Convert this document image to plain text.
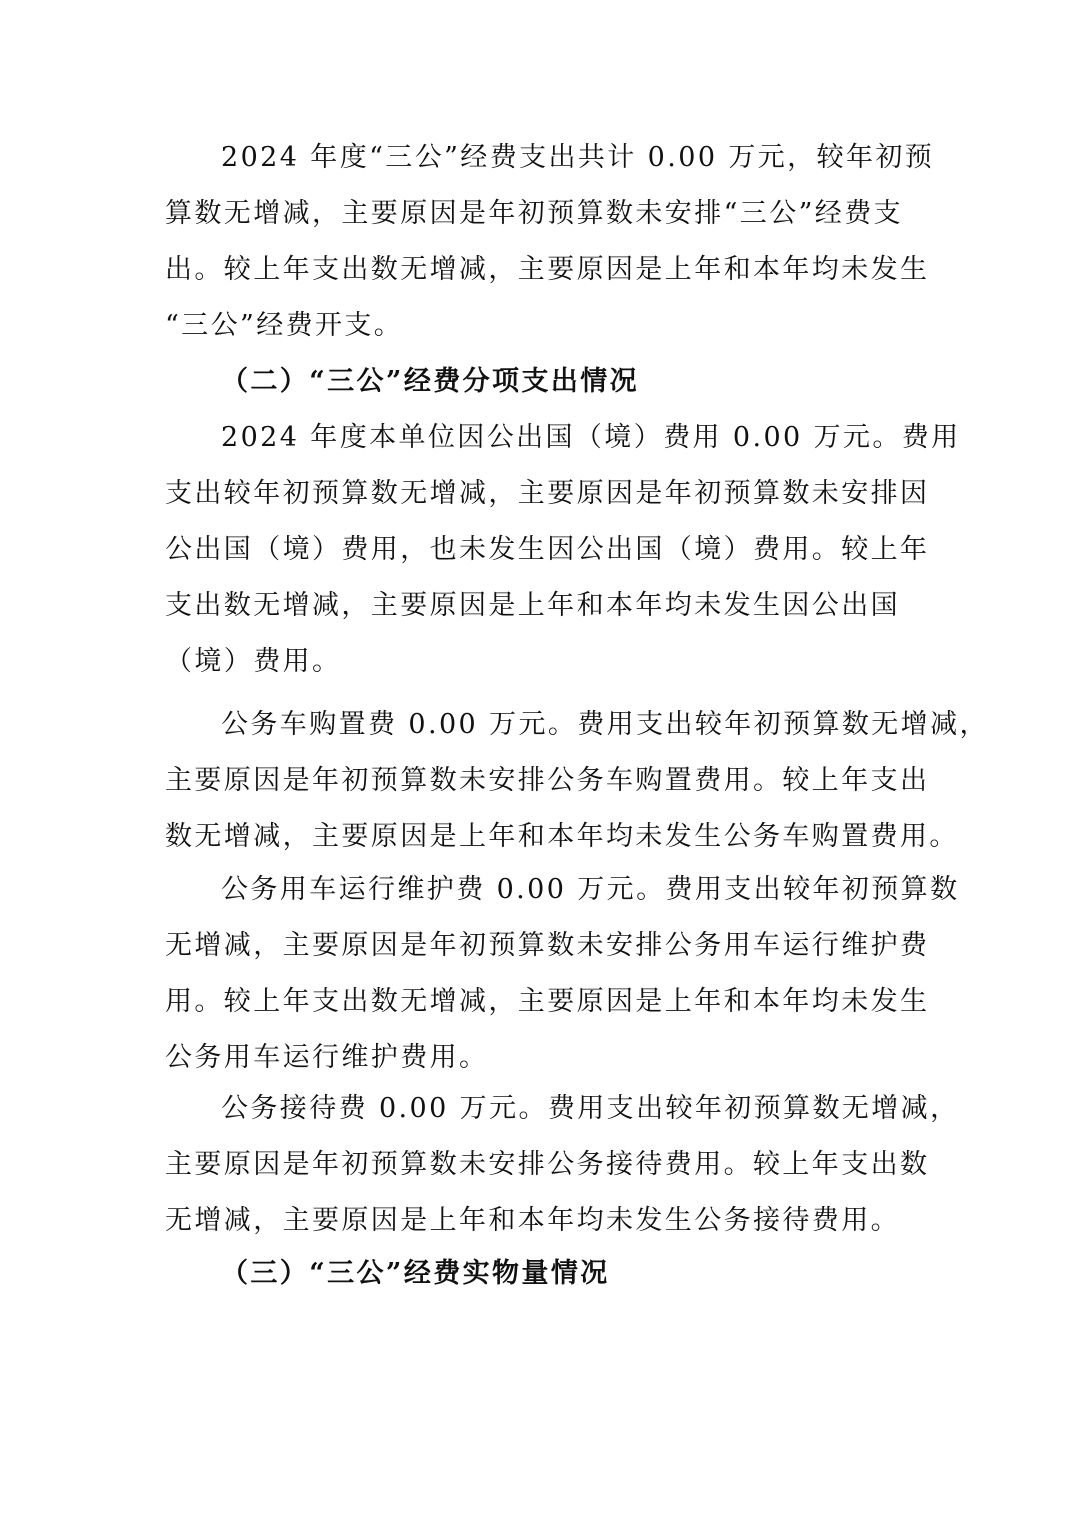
2024 年度“三公”经费支出共计 0.00 万元，较年初预
算数无增减，主要原因是年初预算数未安排“三公”经费支
出。较上年支出数无增减，主要原因是上年和本年均未发生
“三公”经费开支。
（二）“三公”经费分项支出情况
2024 年度本单位因公出国（境）费用 0.00 万元。费用
支出较年初预算数无增减，主要原因是年初预算数未安排因
公出国（境）费用，也未发生因公出国（境）费用。较上年
支出数无增减，主要原因是上年和本年均未发生因公出国
（境）费用。
公务车购置费 0.00 万元。费用支出较年初预算数无增减，
主要原因是年初预算数未安排公务车购置费用。较上年支出
数无增减，主要原因是上年和本年均未发生公务车购置费用。
公务用车运行维护费 0.00 万元。费用支出较年初预算数
无增减，主要原因是年初预算数未安排公务用车运行维护费
用。较上年支出数无增减，主要原因是上年和本年均未发生
公务用车运行维护费用。
公务接待费 0.00 万元。费用支出较年初预算数无增减，
主要原因是年初预算数未安排公务接待费用。较上年支出数
无增减，主要原因是上年和本年均未发生公务接待费用。
（三）“三公”经费实物量情况
